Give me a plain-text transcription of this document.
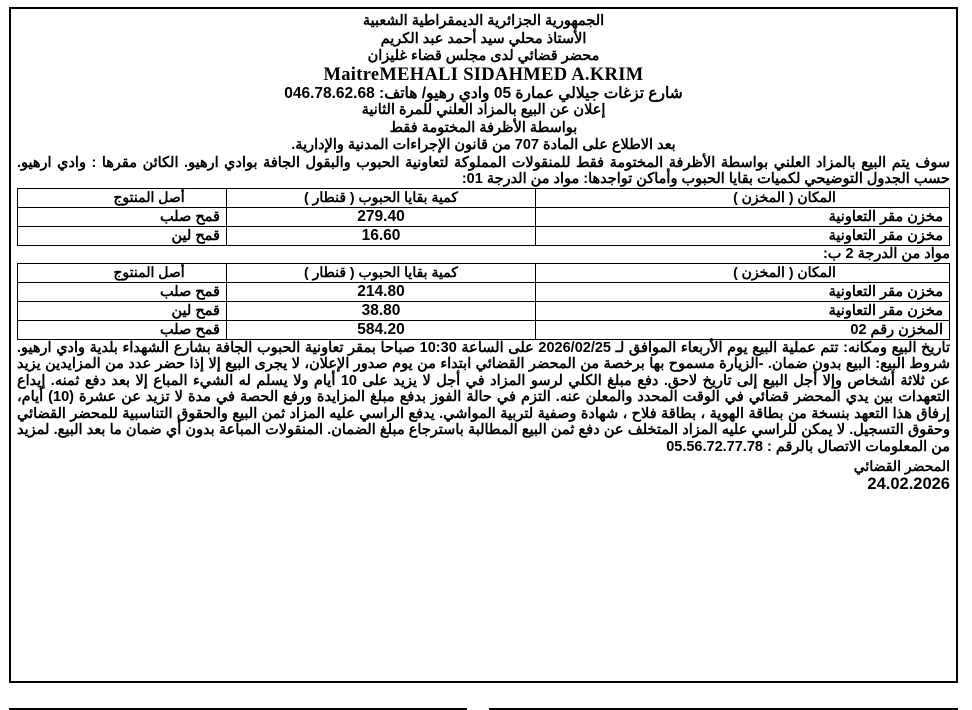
الجمهورية الجزائرية الديمقراطية الشعبية
الأستاذ محلي سيد أحمد عبد الكريم
محضر قضائي لدى مجلس قضاء غليزان
MaitreMEHALI SIDAHMED A.KRIM
شارع تزغات جيلالي عمارة 05 وادي رهيو/ هاتف: 046.78.62.68
إعلان عن البيع بالمزاد العلني للمرة الثانية
بواسطة الأظرفة المختومة فقط
بعد الاطلاع على المادة 707 من قانون الإجراءات المدنية والإدارية.
سوف يتم البيع بالمزاد العلني بواسطة الأظرفة المختومة فقط للمنقولات المملوكة لتعاونية الحبوب والبقول الجافة بوادي ارهيو. الكائن مقرها : وادي ارهيو. حسب الجدول التوضيحي لكميات بقايا الحبوب وأماكن تواجدها: مواد من الدرجة 01:
المكان ( المخزن )	كمية بقايا الحبوب ( قنطار )	أصل المنتوج
مخزن مقر التعاونية	279.40	قمح صلب
مخزن مقر التعاونية	16.60	قمح لين
مواد من الدرجة 2 ب:
المكان ( المخزن )	كمية بقايا الحبوب ( قنطار )	أصل المنتوج
مخزن مقر التعاونية	214.80	قمح صلب
مخزن مقر التعاونية	38.80	قمح لين
المخزن رقم 02	584.20	قمح صلب
تاريخ البيع ومكانه: تتم عملية البيع يوم الأربعاء الموافق لـ 2026/02/25 على الساعة 10:30 صباحا بمقر تعاونية الحبوب الجافة بشارع الشهداء بلدية وادي ارهيو. شروط البيع: البيع بدون ضمان. -الزيارة مسموح بها برخصة من المحضر القضائي ابتداء من يوم صدور الإعلان، لا يجرى البيع إلا إذا حضر عدد من المزايدين يزيد عن ثلاثة أشخاص وإلا أجل البيع إلى تاريخ لاحق. دفع مبلغ الكلي لرسو المزاد في أجل لا يزيد على 10 أيام ولا يسلم له الشيء المباع إلا بعد دفع ثمنه. إيداع التعهدات بين يدي المحضر قضائي في الوقت المحدد والمعلن عنه. التزم في حالة الفوز بدفع مبلغ المزايدة ورفع الحصة في مدة لا تزيد عن عشرة (10) أيام، إرفاق هذا التعهد بنسخة من بطاقة الهوية ، بطاقة فلاح ، شهادة وصفية لتربية المواشي. يدفع الراسي عليه المزاد ثمن البيع والحقوق التناسبية للمحضر القضائي وحقوق التسجيل. لا يمكن للراسي عليه المزاد المتخلف عن دفع ثمن البيع المطالبة باسترجاع مبلغ الضمان. المنقولات المباعة بدون أي ضمان ما بعد البيع. لمزيد من المعلومات الاتصال بالرقم : 05.56.72.77.78
المحضر القضائي
24.02.2026
